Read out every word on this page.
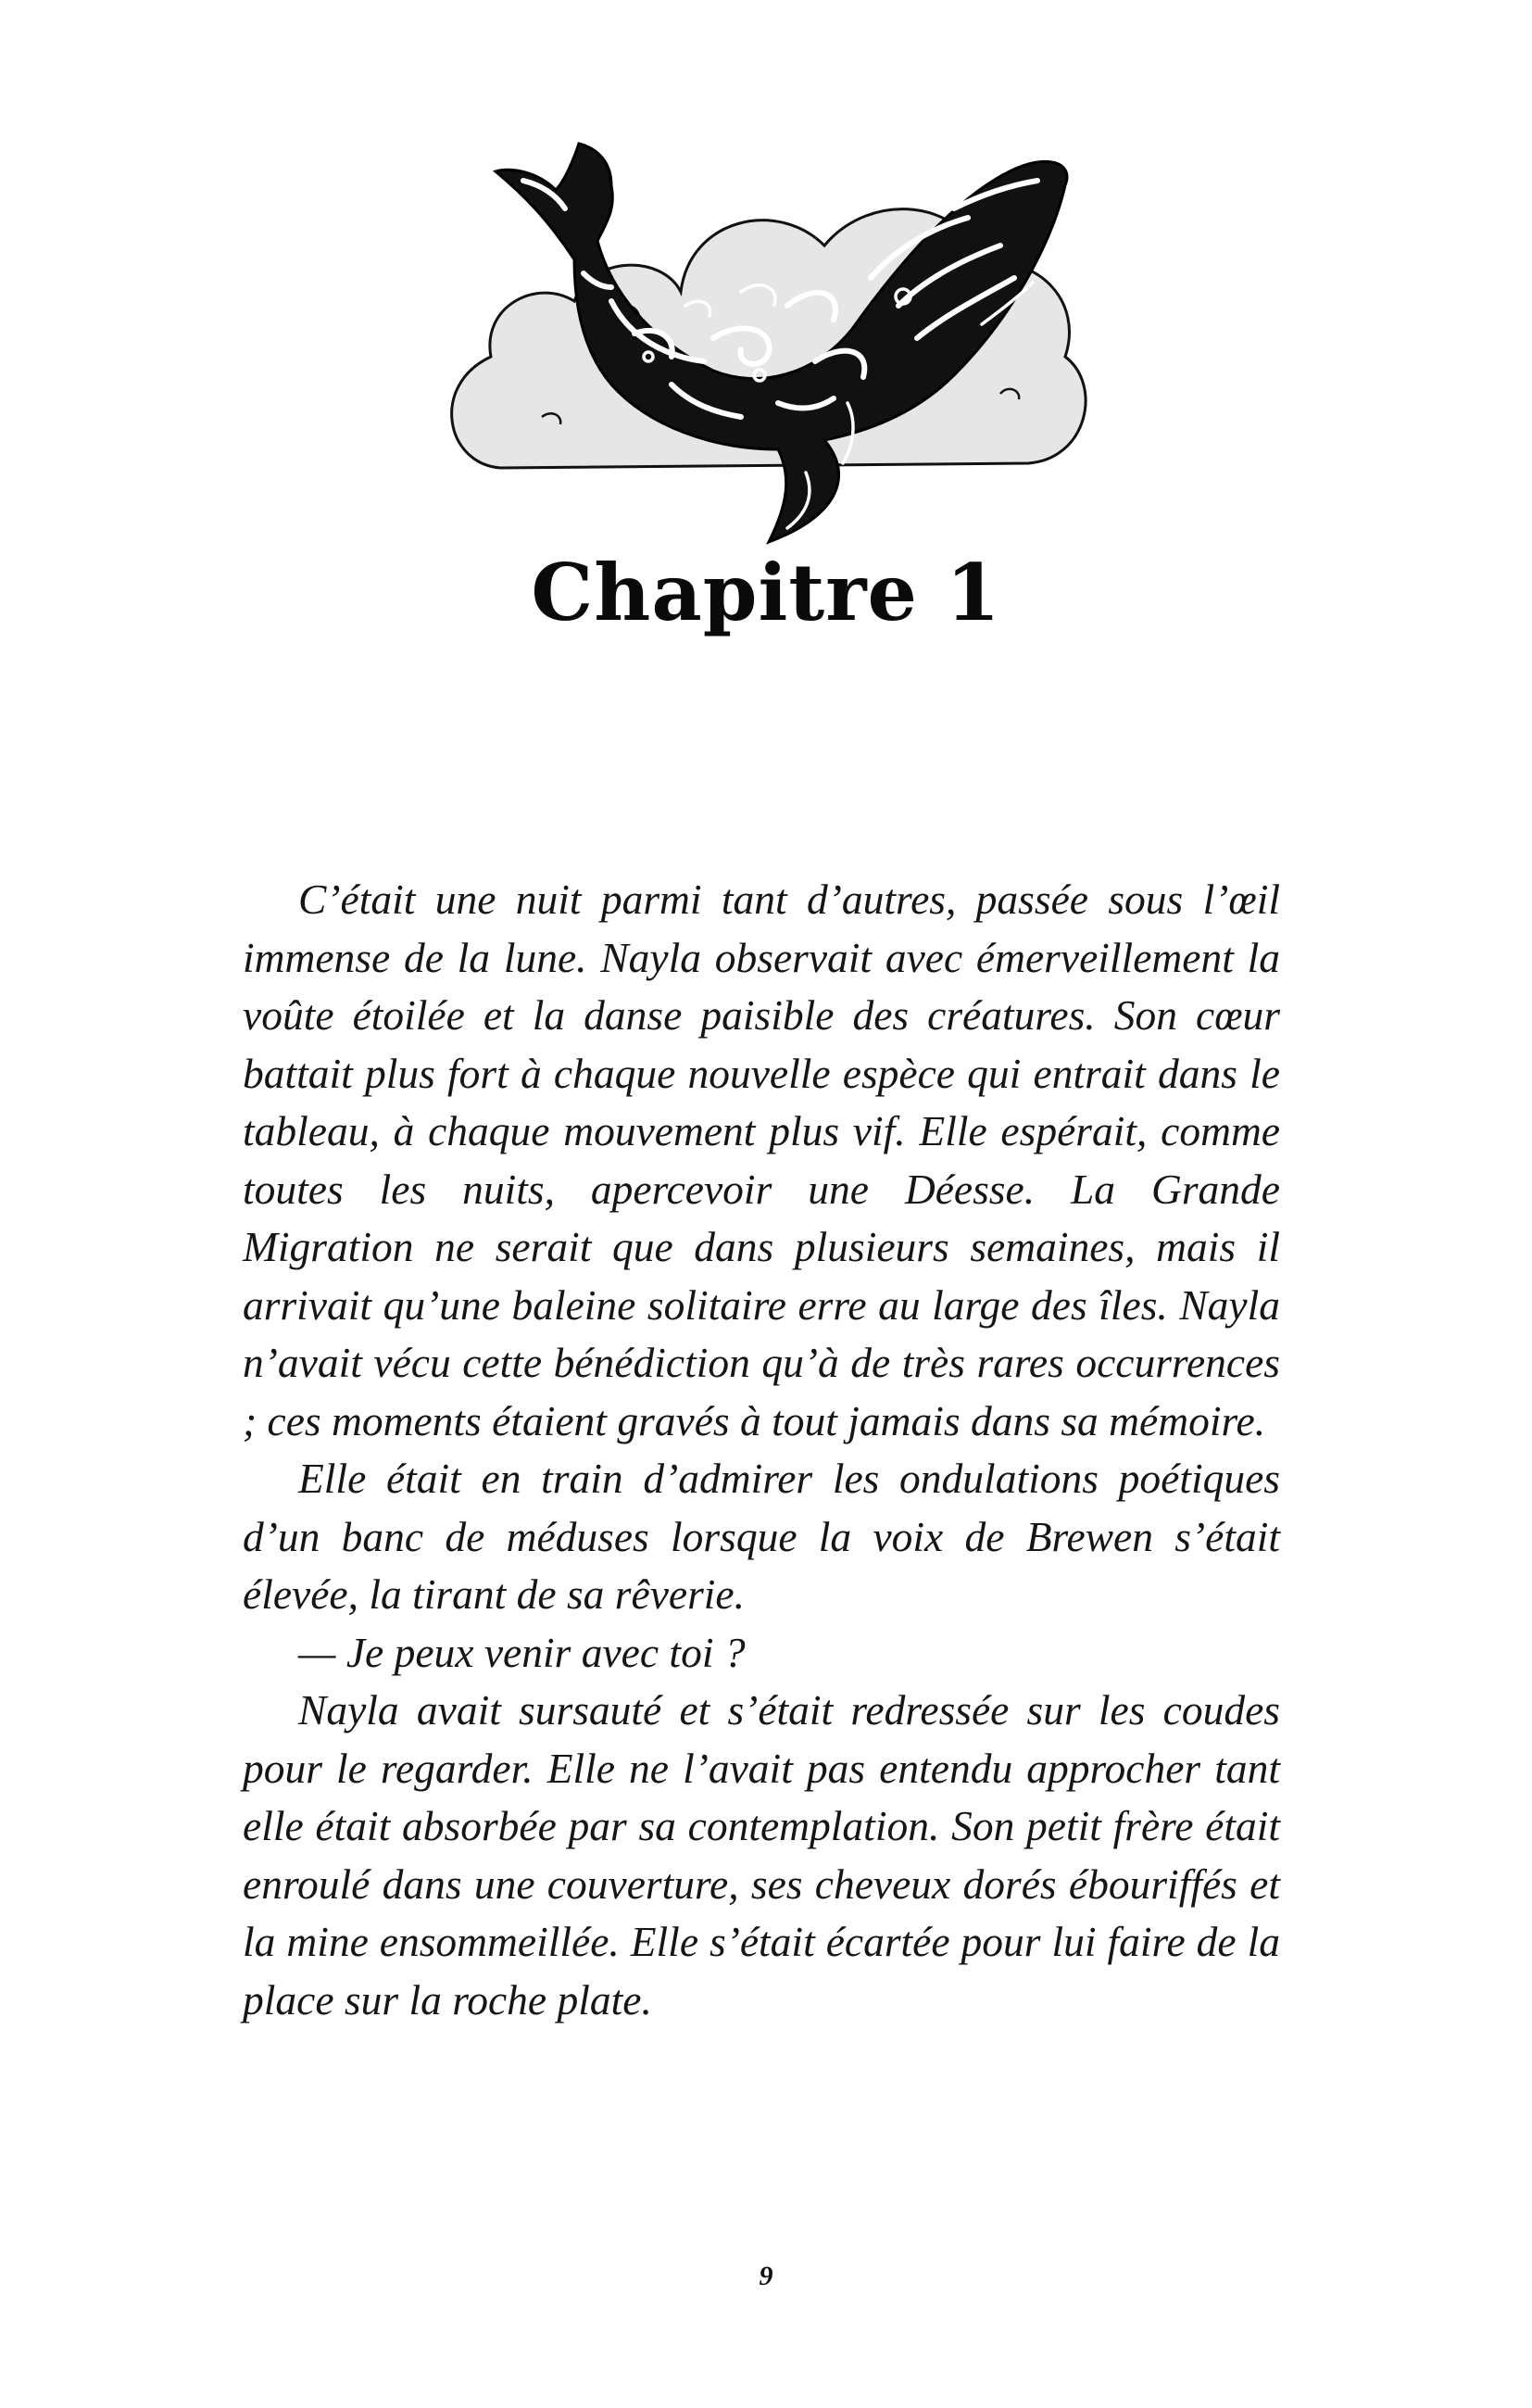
Chapitre 1

C’était une nuit parmi tant d’autres, passée sous l’œil immense de la lune. Nayla observait avec émerveillement la voûte étoilée et la danse paisible des créatures. Son cœur battait plus fort à chaque nouvelle espèce qui entrait dans le tableau, à chaque mouvement plus vif. Elle espérait, comme toutes les nuits, apercevoir une Déesse. La Grande Migration ne serait que dans plusieurs semaines, mais il arrivait qu’une baleine solitaire erre au large des îles. Nayla n’avait vécu cette bénédiction qu’à de très rares occurrences ; ces moments étaient gravés à tout jamais dans sa mémoire.

Elle était en train d’admirer les ondulations poétiques d’un banc de méduses lorsque la voix de Brewen s’était élevée, la tirant de sa rêverie.

— Je peux venir avec toi ?

Nayla avait sursauté et s’était redressée sur les coudes pour le regarder. Elle ne l’avait pas entendu approcher tant elle était absorbée par sa contemplation. Son petit frère était enroulé dans une couverture, ses cheveux dorés ébouriffés et la mine ensommeillée. Elle s’était écartée pour lui faire de la place sur la roche plate.

9
